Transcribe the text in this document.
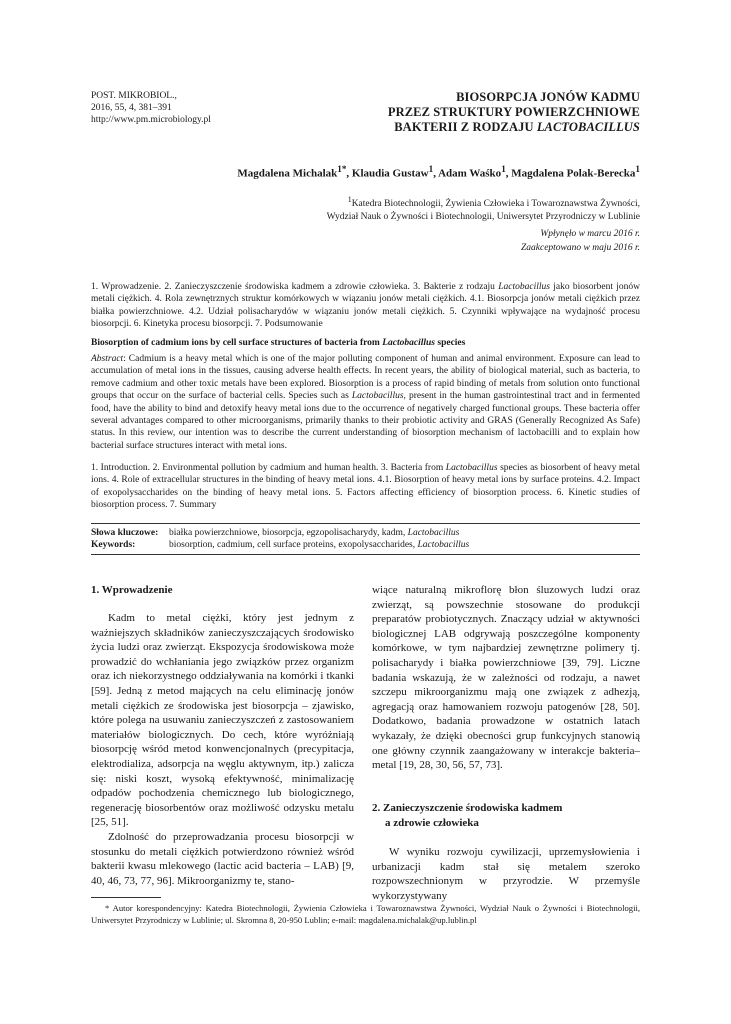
POST. MIKROBIOL.,
2016, 55, 4, 381–391
http://www.pm.microbiology.pl
BIOSORPCJA JONÓW KADMU
PRZEZ STRUKTURY POWIERZCHNIOWE
BAKTERII Z RODZAJU LACTOBACILLUS
Magdalena Michalak$^{1*}$, Klaudia Gustaw$^1$, Adam Waśko$^1$, Magdalena Polak-Berecka$^1$
$^1$Katedra Biotechnologii, Żywienia Człowieka i Towaroznawstwa Żywności,
Wydział Nauk o Żywności i Biotechnologii, Uniwersytet Przyrodniczy w Lublinie
Wpłynęło w marcu 2016 r.
Zaakceptowano w maju 2016 r.
1. Wprowadzenie. 2. Zanieczyszczenie środowiska kadmem a zdrowie człowieka. 3. Bakterie z rodzaju Lactobacillus jako biosorbent jonów metali ciężkich. 4. Rola zewnętrznych struktur komórkowych w wiązaniu jonów metali ciężkich. 4.1. Biosorpcja jonów metali ciężkich przez białka powierzchniowe. 4.2. Udział polisacharydów w wiązaniu jonów metali ciężkich. 5. Czynniki wpływające na wydajność procesu biosorpcji. 6. Kinetyka procesu biosorpcji. 7. Podsumowanie
Biosorption of cadmium ions by cell surface structures of bacteria from Lactobacillus species
Abstract: Cadmium is a heavy metal which is one of the major polluting component of human and animal environment. Exposure can lead to accumulation of metal ions in the tissues, causing adverse health effects. In recent years, the ability of biological material, such as bacteria, to remove cadmium and other toxic metals have been explored. Biosorption is a process of rapid binding of metals from solution onto functional groups that occur on the surface of bacterial cells. Species such as Lactobacillus, present in the human gastrointestinal tract and in fermented food, have the ability to bind and detoxify heavy metal ions due to the occurrence of negatively charged functional groups. These bacteria offer several advantages compared to other microorganisms, primarily thanks to their probiotic activity and GRAS (Generally Recognized As Safe) status. In this review, our intention was to describe the current understanding of biosorption mechanism of lactobacilli and to explain how bacterial surface structures interact with metal ions.
1. Introduction. 2. Environmental pollution by cadmium and human health. 3. Bacteria from Lactobacillus species as biosorbent of heavy metal ions. 4. Role of extracellular structures in the binding of heavy metal ions. 4.1. Biosorption of heavy metal ions by surface proteins. 4.2. Impact of exopolysaccharides on the binding of heavy metal ions. 5. Factors affecting efficiency of biosorption process. 6. Kinetic studies of biosorption process. 7. Summary
Słowa kluczowe:	białka powierzchniowe, biosorpcja, egzopolisacharydy, kadm, Lactobacillus
Keywords:	biosorption, cadmium, cell surface proteins, exopolysaccharides, Lactobacillus
1. Wprowadzenie

Kadm to metal ciężki, który jest jednym z ważniejszych składników zanieczyszczających środowisko życia ludzi oraz zwierząt. Ekspozycja środowiskowa może prowadzić do wchłaniania jego związków przez organizm oraz ich niekorzystnego oddziaływania na komórki i tkanki [59]. Jedną z metod mających na celu eliminację jonów metali ciężkich ze środowiska jest biosorpcja – zjawisko, które polega na usuwaniu zanieczyszczeń z zastosowaniem materiałów biologicznych. Do cech, które wyróżniają biosorpcję wśród metod konwencjonalnych (precypitacja, elektrodializa, adsorpcja na węglu aktywnym, itp.) zalicza się: niski koszt, wysoką efektywność, minimalizację odpadów pochodzenia chemicznego lub biologicznego, regenerację biosorbentów oraz możliwość odzysku metalu [25, 51].

Zdolność do przeprowadzania procesu biosorpcji w stosunku do metali ciężkich potwierdzono również wśród bakterii kwasu mlekowego (lactic acid bacteria – LAB) [9, 40, 46, 73, 77, 96]. Mikroorganizmy te, stano-

wiące naturalną mikroflorę błon śluzowych ludzi oraz zwierząt, są powszechnie stosowane do produkcji preparatów probiotycznych. Znaczący udział w aktywności biologicznej LAB odgrywają poszczególne komponenty komórkowe, w tym najbardziej zewnętrzne polimery tj. polisacharydy i białka powierzchniowe [39, 79]. Liczne badania wskazują, że w zależności od rodzaju, a nawet szczepu mikroorganizmu mają one związek z adhezją, agregacją oraz hamowaniem rozwoju patogenów [28, 50]. Dodatkowo, badania prowadzone w ostatnich latach wykazały, że dzięki obecności grup funkcyjnych stanowią one główny czynnik zaangażowany w interakcje bakteria–metal [19, 28, 30, 56, 57, 73].

2. Zanieczyszczenie środowiska kadmem
a zdrowie człowieka

W wyniku rozwoju cywilizacji, uprzemysłowienia i urbanizacji kadm stał się metalem szeroko rozpowszechnionym w przyrodzie. W przemyśle wykorzystywany

* Autor korespondencyjny: Katedra Biotechnologii, Żywienia Człowieka i Towaroznawstwa Żywności, Wydział Nauk o Żywności i Biotechnologii, Uniwersytet Przyrodniczy w Lublinie; ul. Skromna 8, 20-950 Lublin; e-mail: magdalena.michalak@up.lublin.pl
